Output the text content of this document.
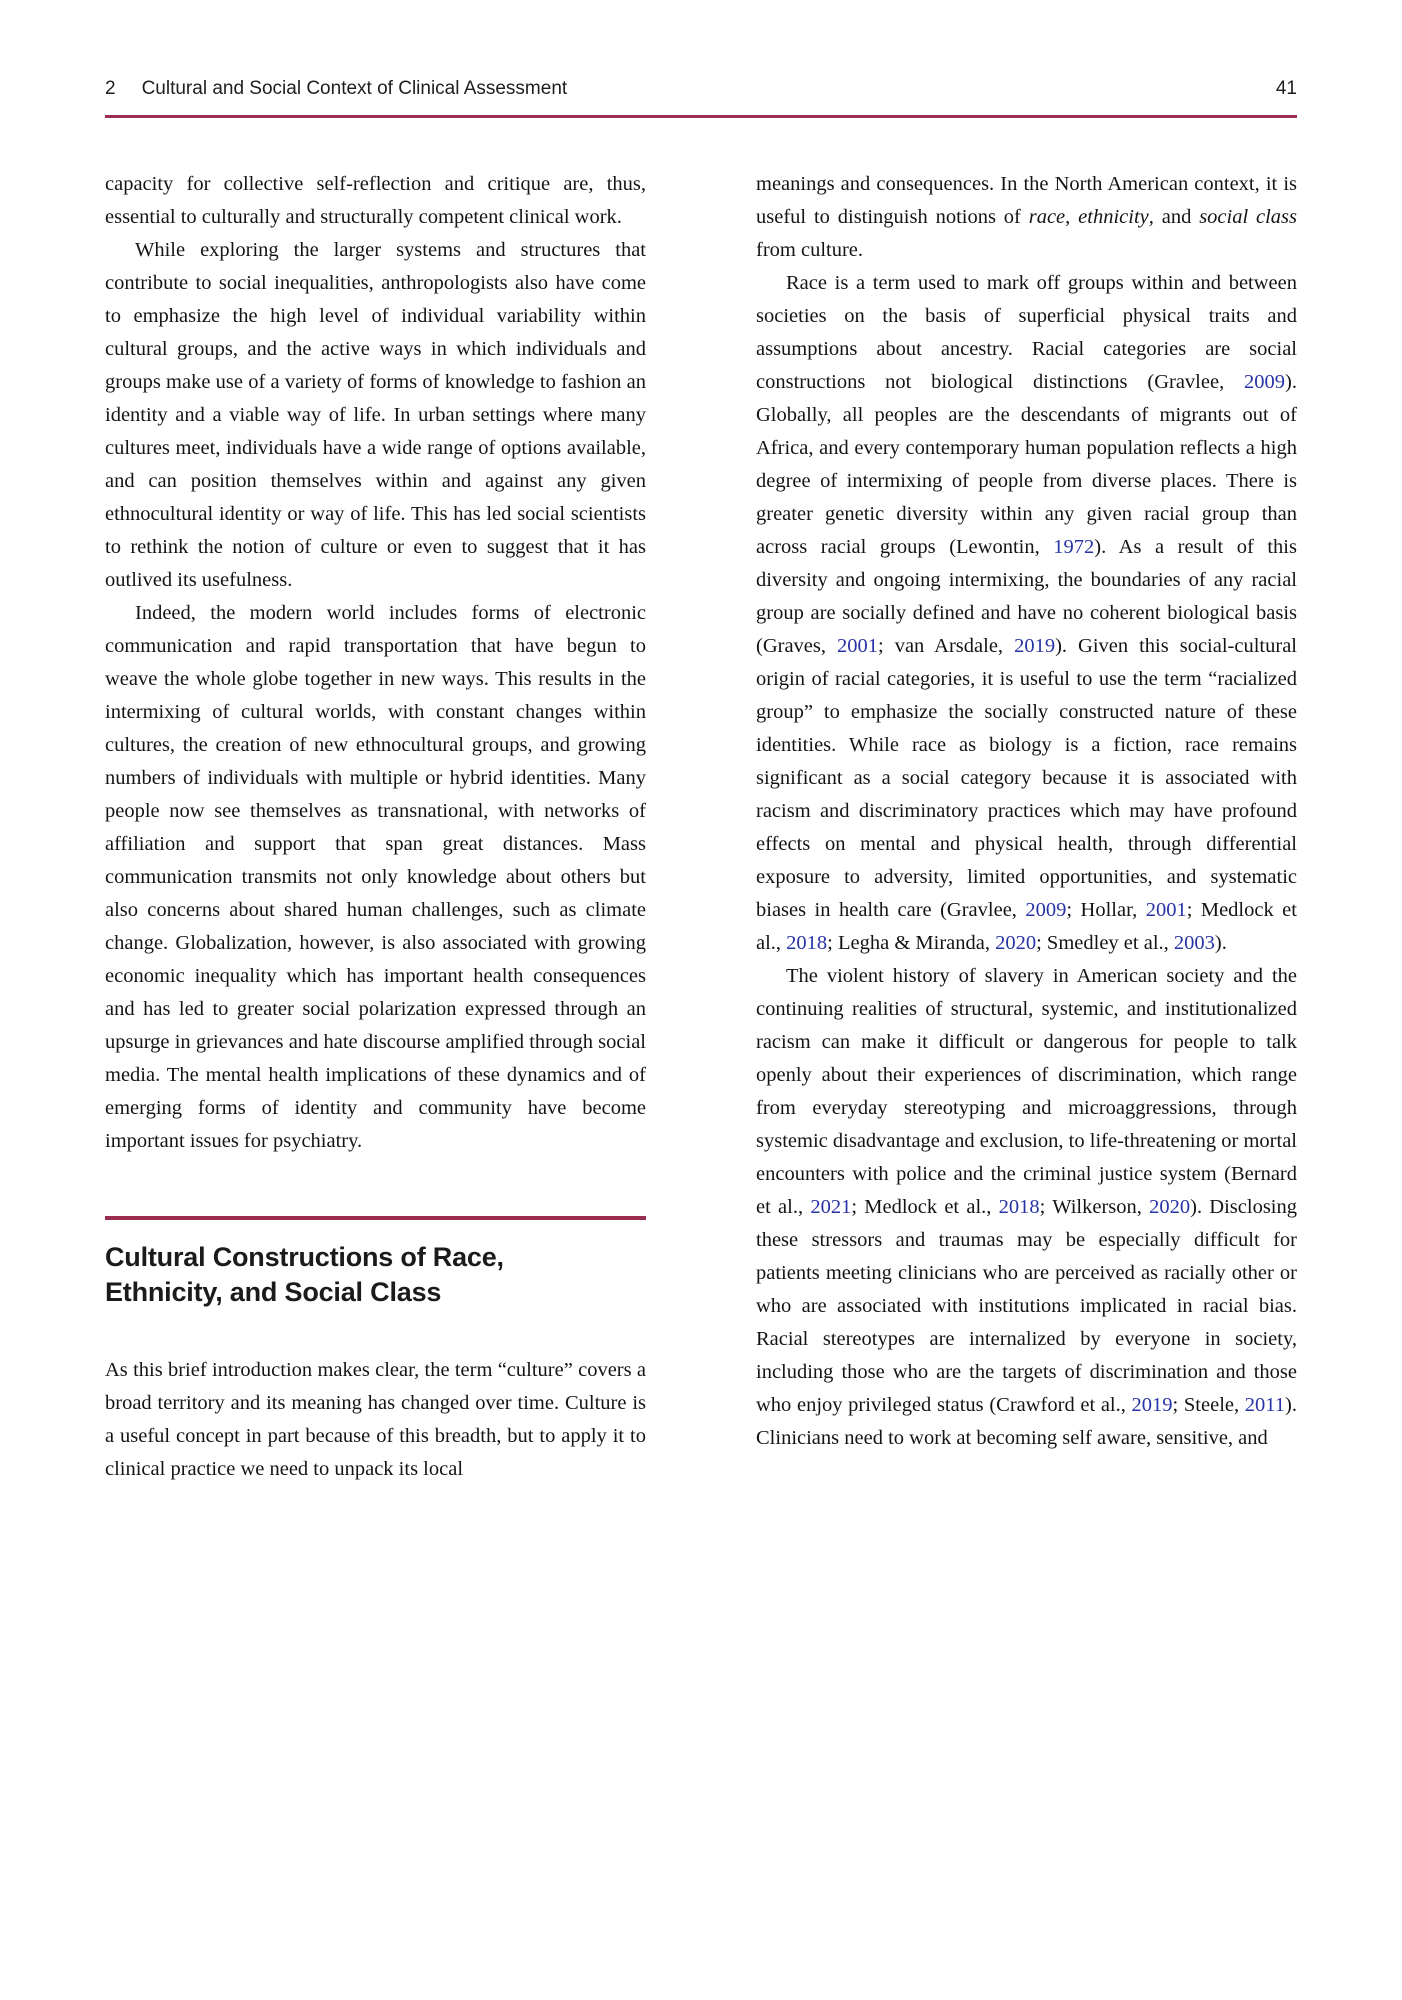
2 Cultural and Social Context of Clinical Assessment	41

capacity for collective self-reflection and critique are, thus, essential to culturally and structurally competent clinical work.

While exploring the larger systems and structures that contribute to social inequalities, anthropologists also have come to emphasize the high level of individual variability within cultural groups, and the active ways in which individuals and groups make use of a variety of forms of knowledge to fashion an identity and a viable way of life. In urban settings where many cultures meet, individuals have a wide range of options available, and can position themselves within and against any given ethnocultural identity or way of life. This has led social scientists to rethink the notion of culture or even to suggest that it has outlived its usefulness.

Indeed, the modern world includes forms of electronic communication and rapid transportation that have begun to weave the whole globe together in new ways. This results in the intermixing of cultural worlds, with constant changes within cultures, the creation of new ethnocultural groups, and growing numbers of individuals with multiple or hybrid identities. Many people now see themselves as transnational, with networks of affiliation and support that span great distances. Mass communication transmits not only knowledge about others but also concerns about shared human challenges, such as climate change. Globalization, however, is also associated with growing economic inequality which has important health consequences and has led to greater social polarization expressed through an upsurge in grievances and hate discourse amplified through social media. The mental health implications of these dynamics and of emerging forms of identity and community have become important issues for psychiatry.

Cultural Constructions of Race,
Ethnicity, and Social Class

As this brief introduction makes clear, the term “culture” covers a broad territory and its meaning has changed over time. Culture is a useful concept in part because of this breadth, but to apply it to clinical practice we need to unpack its local

meanings and consequences. In the North American context, it is useful to distinguish notions of race, ethnicity, and social class from culture.

Race is a term used to mark off groups within and between societies on the basis of superficial physical traits and assumptions about ancestry. Racial categories are social constructions not biological distinctions (Gravlee, 2009). Globally, all peoples are the descendants of migrants out of Africa, and every contemporary human population reflects a high degree of intermixing of people from diverse places. There is greater genetic diversity within any given racial group than across racial groups (Lewontin, 1972). As a result of this diversity and ongoing intermixing, the boundaries of any racial group are socially defined and have no coherent biological basis (Graves, 2001; van Arsdale, 2019). Given this social-cultural origin of racial categories, it is useful to use the term “racialized group” to emphasize the socially constructed nature of these identities. While race as biology is a fiction, race remains significant as a social category because it is associated with racism and discriminatory practices which may have profound effects on mental and physical health, through differential exposure to adversity, limited opportunities, and systematic biases in health care (Gravlee, 2009; Hollar, 2001; Medlock et al., 2018; Legha & Miranda, 2020; Smedley et al., 2003).

The violent history of slavery in American society and the continuing realities of structural, systemic, and institutionalized racism can make it difficult or dangerous for people to talk openly about their experiences of discrimination, which range from everyday stereotyping and microaggressions, through systemic disadvantage and exclusion, to life-threatening or mortal encounters with police and the criminal justice system (Bernard et al., 2021; Medlock et al., 2018; Wilkerson, 2020). Disclosing these stressors and traumas may be especially difficult for patients meeting clinicians who are perceived as racially other or who are associated with institutions implicated in racial bias. Racial stereotypes are internalized by everyone in society, including those who are the targets of discrimination and those who enjoy privileged status (Crawford et al., 2019; Steele, 2011). Clinicians need to work at becoming self aware, sensitive, and
